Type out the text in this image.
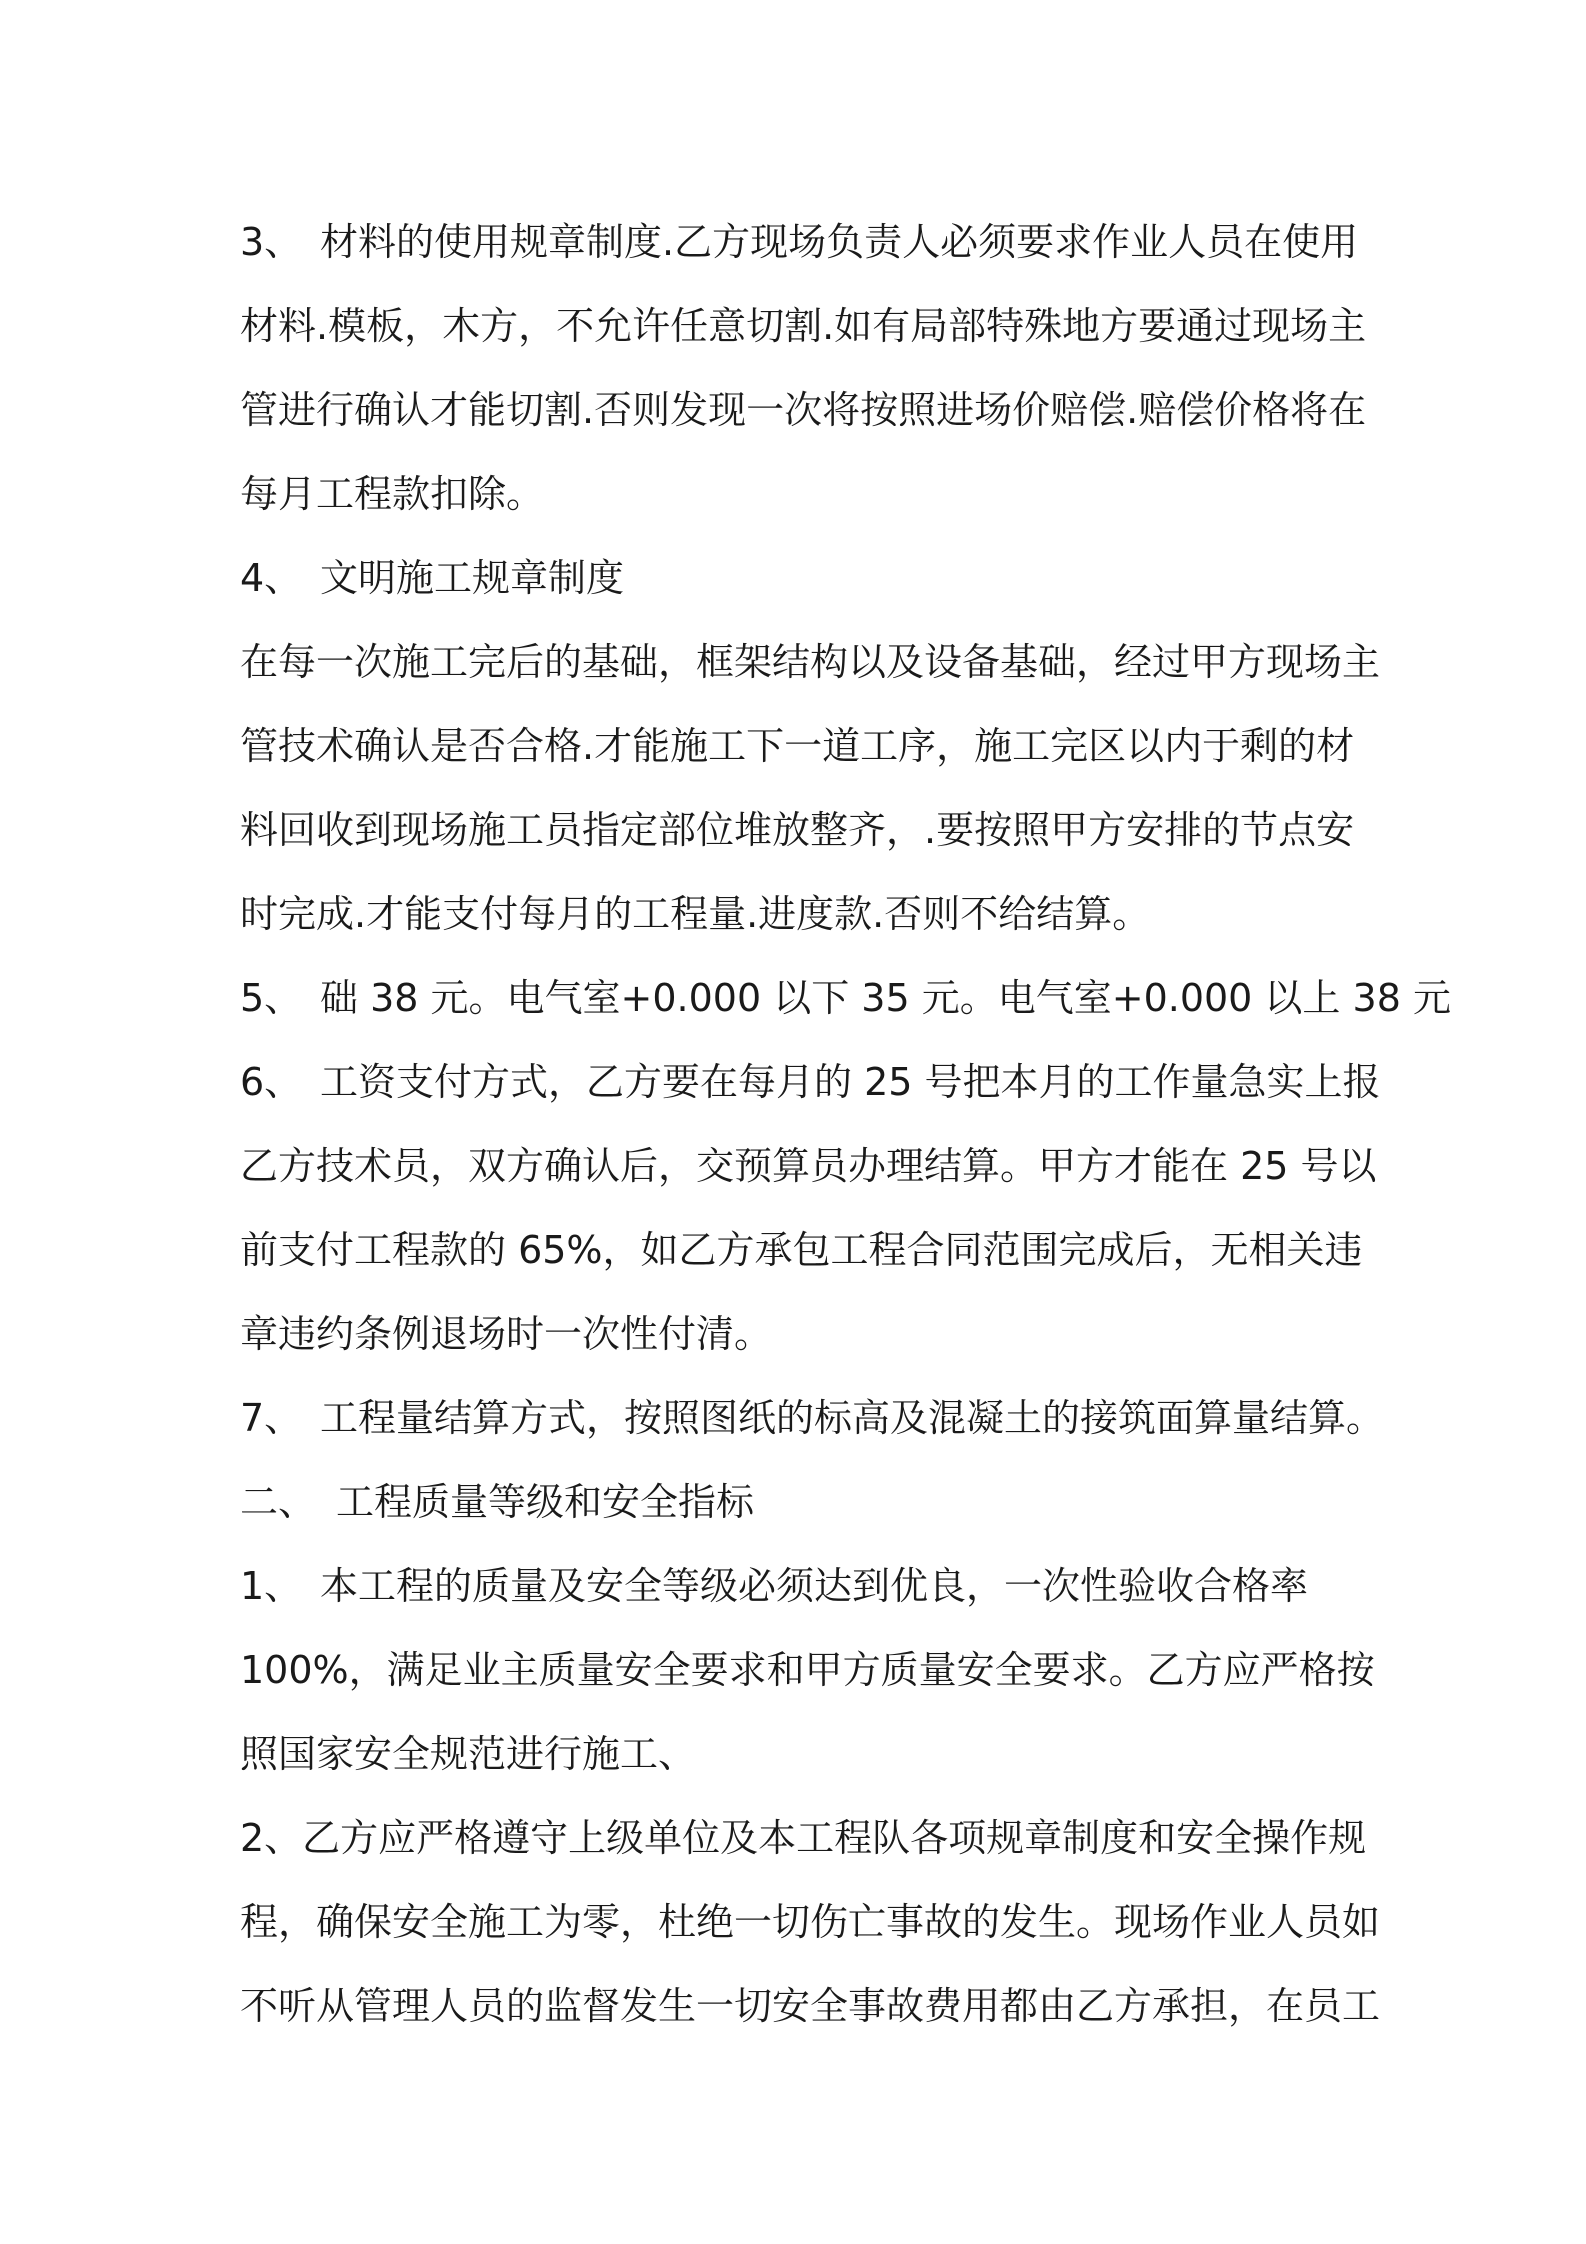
3、 材料的使用规章制度.乙方现场负责人必须要求作业人员在使用
材料.模板，木方，不允许任意切割.如有局部特殊地方要通过现场主
管进行确认才能切割.否则发现一次将按照进场价赔偿.赔偿价格将在
每月工程款扣除。
4、 文明施工规章制度
在每一次施工完后的基础，框架结构以及设备基础，经过甲方现场主
管技术确认是否合格.才能施工下一道工序，施工完区以内于剩的材
料回收到现场施工员指定部位堆放整齐，.要按照甲方安排的节点安
时完成.才能支付每月的工程量.进度款.否则不给结算。
5、 础 38 元。电气室+0.000 以下 35 元。电气室+0.000 以上 38 元
6、 工资支付方式，乙方要在每月的 25 号把本月的工作量急实上报
乙方技术员，双方确认后，交预算员办理结算。甲方才能在 25 号以
前支付工程款的 65%，如乙方承包工程合同范围完成后，无相关违
章违约条例退场时一次性付清。
7、 工程量结算方式，按照图纸的标高及混凝土的接筑面算量结算。
二、 工程质量等级和安全指标
1、 本工程的质量及安全等级必须达到优良，一次性验收合格率
100%，满足业主质量安全要求和甲方质量安全要求。乙方应严格按
照国家安全规范进行施工、
2、乙方应严格遵守上级单位及本工程队各项规章制度和安全操作规
程，确保安全施工为零，杜绝一切伤亡事故的发生。现场作业人员如
不听从管理人员的监督发生一切安全事故费用都由乙方承担，在员工
